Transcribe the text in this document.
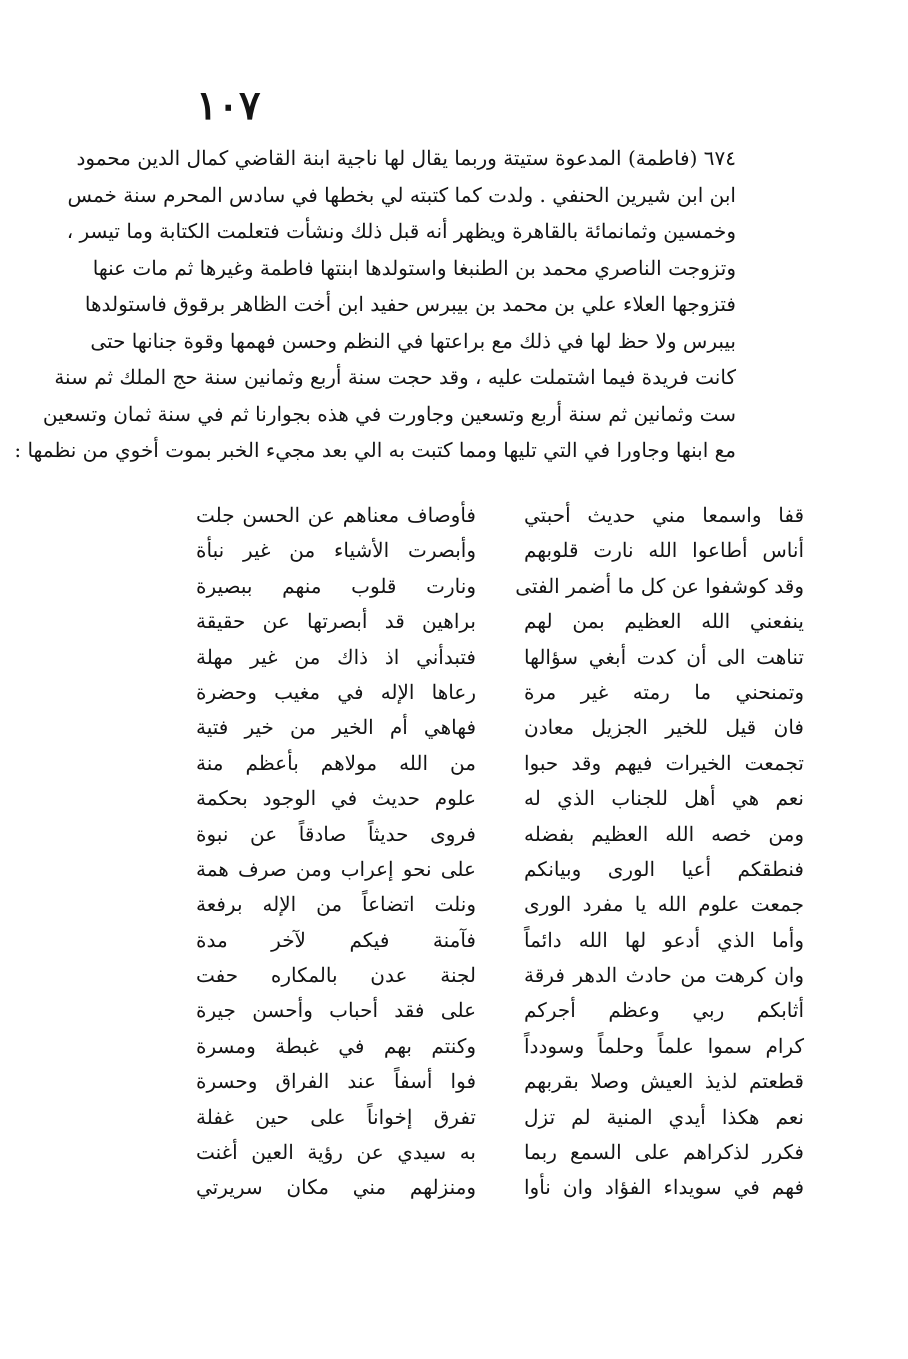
١٠٧
٦٧٤ (فاطمة) المدعوة ستيتة وربما يقال لها ناجية ابنة القاضي كمال الدين محمود
ابن ابن شيرين الحنفي . ولدت كما كتبته لي بخطها في سادس المحرم سنة خمس
وخمسين وثمانمائة بالقاهرة ويظهر أنه قبل ذلك ونشأت فتعلمت الكتابة وما تيسر ،
وتزوجت الناصري محمد بن الطنبغا واستولدها ابنتها فاطمة وغيرها ثم مات عنها
فتزوجها العلاء علي بن محمد بن بيبرس حفيد ابن أخت الظاهر برقوق فاستولدها
بيبرس ولا حظ لها في ذلك مع براعتها في النظم وحسن فهمها وقوة جنانها حتى
كانت فريدة فيما اشتملت عليه ، وقد حجت سنة أربع وثمانين سنة حج الملك ثم سنة
ست وثمانين ثم سنة أربع وتسعين وجاورت في هذه بجوارنا ثم في سنة ثمان وتسعين
مع ابنها وجاورا في التي تليها ومما كتبت به الي بعد مجيء الخبر بموت أخوي من نظمها :
قفا واسمعا مني حديث أحبتي
فأوصاف معناهم عن الحسن جلت
أناس أطاعوا الله نارت قلوبهم
وأبصرت الأشياء من غير نبأة
وقد كوشفوا عن كل ما أضمر الفتى
ونارت قلوب منهم ببصيرة
ينفعني الله العظيم بمن لهم
براهين قد أبصرتها عن حقيقة
تناهت الى أن كدت أبغي سؤالها
فتبدأني اذ ذاك من غير مهلة
وتمنحني ما رمته غير مرة
رعاها الإله في مغيب وحضرة
فان قيل للخير الجزيل معادن
فهاهي أم الخير من خير فتية
تجمعت الخيرات فيهم وقد حبوا
من الله مولاهم بأعظم منة
نعم هي أهل للجناب الذي له
علوم حديث في الوجود بحكمة
ومن خصه الله العظيم بفضله
فروى حديثاً صادقاً عن نبوة
فنطقكم أعيا الورى وبيانكم
على نحو إعراب ومن صرف همة
جمعت علوم الله يا مفرد الورى
ونلت اتضاعاً من الإله برفعة
وأما الذي أدعو لها الله دائماً
فآمنة فيكم لآخر مدة
وان كرهت من حادث الدهر فرقة
لجنة عدن بالمكاره حفت
أثابكم ربي وعظم أجركم
على فقد أحباب وأحسن جيرة
كرام سموا علماً وحلماً وسودداً
وكنتم بهم في غبطة ومسرة
قطعتم لذيذ العيش وصلا بقربهم
فوا أسفاً عند الفراق وحسرة
نعم هكذا أيدي المنية لم تزل
تفرق إخواناً على حين غفلة
فكرر لذكراهم على السمع ربما
به سيدي عن رؤية العين أغنت
فهم في سويداء الفؤاد وان نأوا
ومنزلهم مني مكان سريرتي
